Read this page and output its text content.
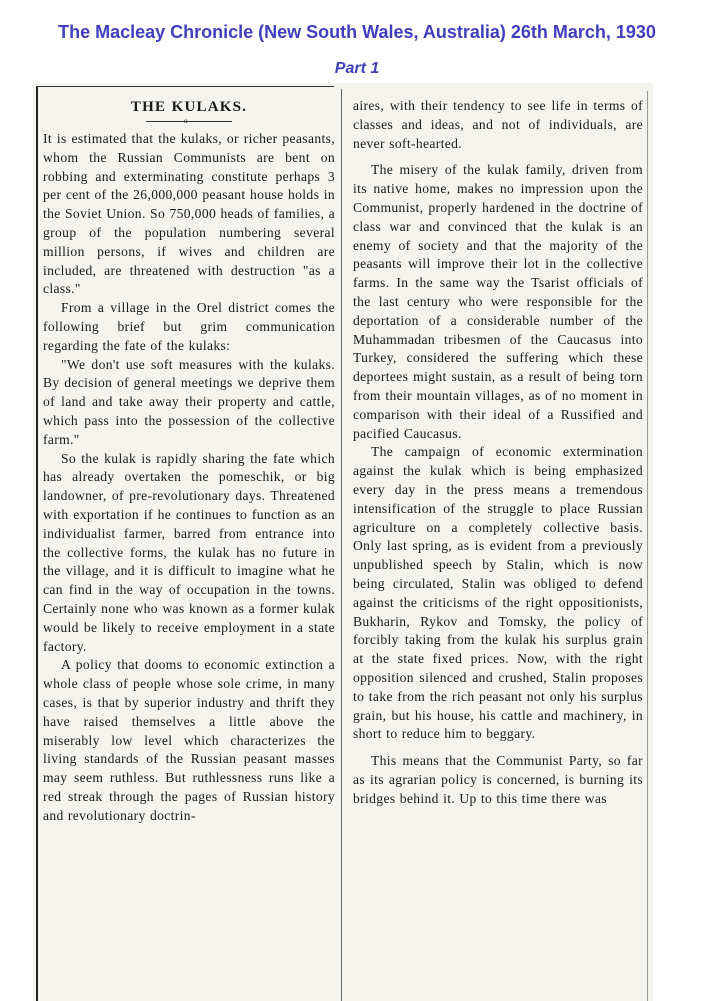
The Macleay Chronicle (New South Wales, Australia) 26th March, 1930
Part 1
THE KULAKS.
o

It is estimated that the kulaks, or richer peasants, whom the Russian Communists are bent on robbing and exterminating constitute perhaps 3 per cent of the 26,000,000 peasant house holds in the Soviet Union. So 750,000 heads of families, a group of the population numbering several million persons, if wives and children are included, are threatened with destruction "as a class."

From a village in the Orel district comes the following brief but grim communication regarding the fate of the kulaks:

"We don't use soft measures with the kulaks. By decision of general meetings we deprive them of land and take away their property and cattle, which pass into the possession of the collective farm."

So the kulak is rapidly sharing the fate which has already overtaken the pomeschik, or big landowner, of pre-revolutionary days. Threatened with exportation if he continues to function as an individualist farmer, barred from entrance into the collective forms, the kulak has no future in the village, and it is difficult to imagine what he can find in the way of occupation in the towns. Certainly none who was known as a former kulak would be likely to receive employment in a state factory.

A policy that dooms to economic extinction a whole class of people whose sole crime, in many cases, is that by superior industry and thrift they have raised themselves a little above the miserably low level which characterizes the living standards of the Russian peasant masses may seem ruthless. But ruthlessness runs like a red streak through the pages of Russian history and revolutionary doctrin-

aires, with their tendency to see life in terms of classes and ideas, and not of individuals, are never soft-hearted.

The misery of the kulak family, driven from its native home, makes no impression upon the Communist, properly hardened in the doctrine of class war and convinced that the kulak is an enemy of society and that the majority of the peasants will improve their lot in the collective farms. In the same way the Tsarist officials of the last century who were responsible for the deportation of a considerable number of the Muhammadan tribesmen of the Caucasus into Turkey, considered the suffering which these deportees might sustain, as a result of being torn from their mountain villages, as of no moment in comparison with their ideal of a Russified and pacified Caucasus.

The campaign of economic extermination against the kulak which is being emphasized every day in the press means a tremendous intensification of the struggle to place Russian agriculture on a completely collective basis. Only last spring, as is evident from a previously unpublished speech by Stalin, which is now being circulated, Stalin was obliged to defend against the criticisms of the right oppositionists, Bukharin, Rykov and Tomsky, the policy of forcibly taking from the kulak his surplus grain at the state fixed prices. Now, with the right opposition silenced and crushed, Stalin proposes to take from the rich peasant not only his surplus grain, but his house, his cattle and machinery, in short to reduce him to beggary.

This means that the Communist Party, so far as its agrarian policy is concerned, is burning its bridges behind it. Up to this time there was
